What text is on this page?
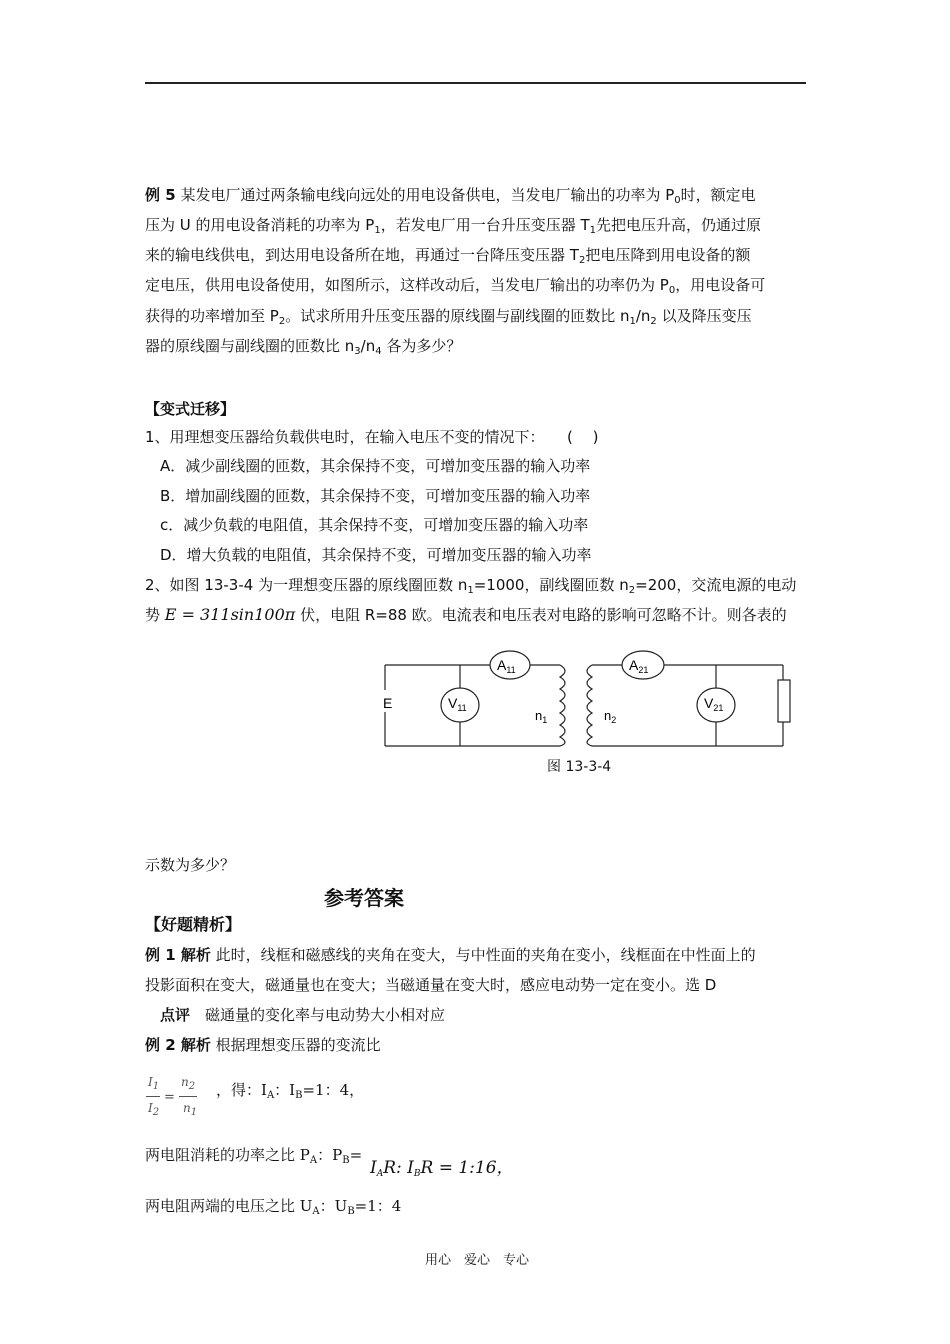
例 5 某发电厂通过两条输电线向远处的用电设备供电，当发电厂输出的功率为 $P_0$时，额定电
压为 U 的用电设备消耗的功率为 $P_1$，若发电厂用一台升压变压器 $T_1$先把电压升高，仍通过原
来的输电线供电，到达用电设备所在地，再通过一台降压变压器 $T_2$把电压降到用电设备的额
定电压，供用电设备使用，如图所示，这样改动后，当发电厂输出的功率仍为 $P_0$，用电设备可
获得的功率增加至 $P_2$。试求所用升压变压器的原线圈与副线圈的匝数比 $n_1/n_2$ 以及降压变压
器的原线圈与副线圈的匝数比 $n_3/n_4$ 各为多少？
【变式迁移】
1、用理想变压器给负载供电时，在输入电压不变的情况下：　　(　 )
A．减少副线圈的匝数，其余保持不变，可增加变压器的输入功率
B．增加副线圈的匝数，其余保持不变，可增加变压器的输入功率
c．减少负载的电阻值，其余保持不变，可增加变压器的输入功率
D．增大负载的电阻值，其余保持不变，可增加变压器的输入功率
2、如图 13-3-4 为一理想变压器的原线圈匝数 $n_1=1000$，副线圈匝数 $n_2=200$，交流电源的电动
势 E = 311sin100π 伏，电阻 R=88 欧。电流表和电压表对电路的影响可忽略不计。则各表的
E
$A_{11}$	$A_{21}$
$V_{11}$	$V_{21}$
$n_1$	$n_2$
图 13-3-4
示数为多少？
参考答案
【好题精析】
例 1 解析 此时，线框和磁感线的夹角在变大，与中性面的夹角在变小，线框面在中性面上的
投影面积在变大，磁通量也在变大；当磁通量在变大时，感应电动势一定在变小。选 D
点评　磁通量的变化率与电动势大小相对应
例 2 解析 根据理想变压器的变流比
$I_1$
$I_2$
=
$n_2$
$n_1$
，得：$I_A$：$I_B=1$：4，
两电阻消耗的功率之比 $P_A$：$P_B=$
$I_AR$: $I_BR$ = 1:16，
两电阻两端的电压之比 $U_A$：$U_B=1$：4
用心　爱心　专心
